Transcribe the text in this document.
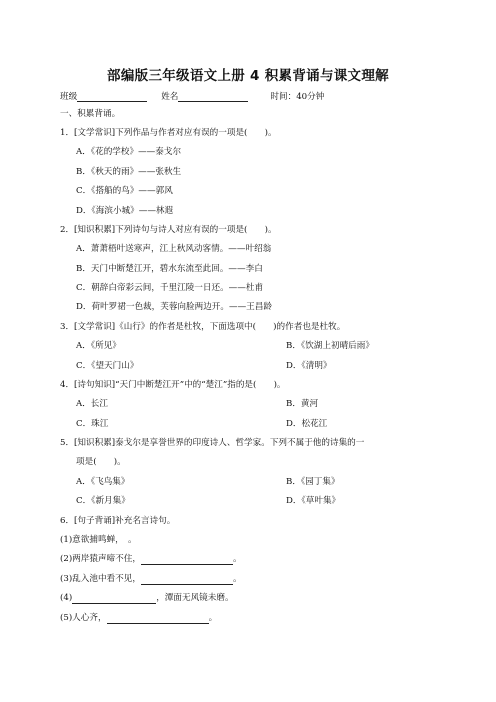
部编版三年级语文上册 4 积累背诵与课文理解
班级	姓名	时间：40分钟
一、积累背诵。
1．[文学常识]下列作品与作者对应有误的一项是(　　)。
A．《花的学校》——泰戈尔
B．《秋天的雨》——张秋生
C．《搭船的鸟》——郭风
D．《海滨小城》——林遐
2．[知识积累]下列诗句与诗人对应有误的一项是(　　)。
A．萧萧梧叶送寒声，江上秋风动客情。——叶绍翁
B．天门中断楚江开，碧水东流至此回。——李白
C．朝辞白帝彩云间，千里江陵一日还。——杜甫
D．荷叶罗裙一色裁，芙蓉向脸两边开。——王昌龄
3．[文学常识]《山行》的作者是杜牧，下面选项中(　　)的作者也是杜牧。
A．《所见》	B．《饮湖上初晴后雨》
C．《望天门山》	D．《清明》
4．[诗句知识]“天门中断楚江开”中的“楚江”指的是(　　)。
A．长江	B．黄河
C．珠江	D．松花江
5．[知识积累]泰戈尔是享誉世界的印度诗人、哲学家。下列不属于他的诗集的一
项是(　　)。
A．《飞鸟集》	B．《园丁集》
C．《新月集》	D．《草叶集》
6．[句子背诵]补充名言诗句。
(1)意欲捕鸣蝉，　。
(2)两岸猿声啼不住，	。
(3)乱入池中看不见，	。
(4)	，潭面无风镜未磨。
(5)人心齐，	。
